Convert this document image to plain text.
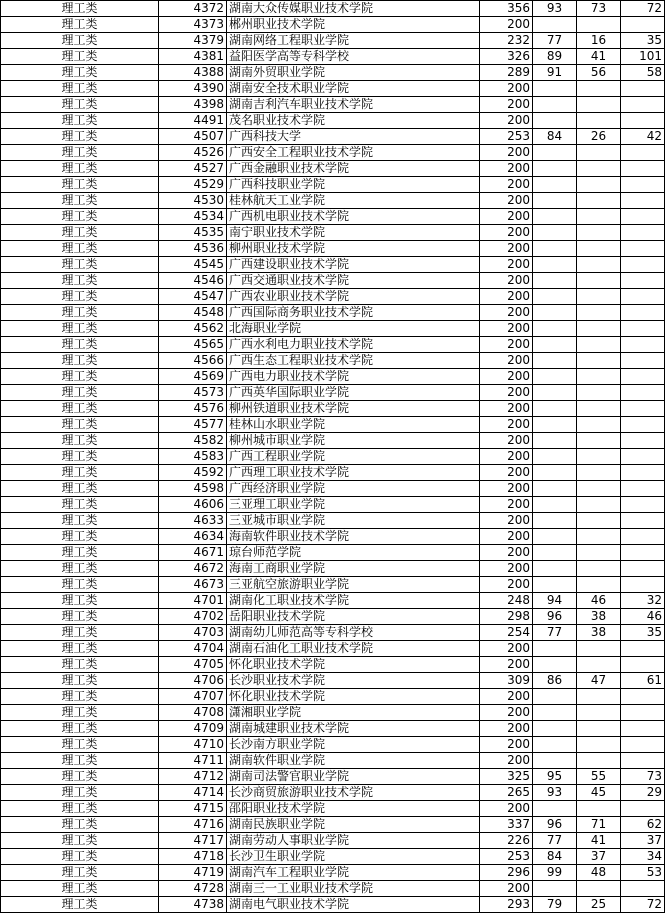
理工类	4372	湖南大众传媒职业技术学院	356	93	73	72
理工类	4373	郴州职业技术学院	200			
理工类	4379	湖南网络工程职业学院	232	77	16	35
理工类	4381	益阳医学高等专科学校	326	89	41	101
理工类	4388	湖南外贸职业学院	289	91	56	58
理工类	4390	湖南安全技术职业学院	200			
理工类	4398	湖南吉利汽车职业技术学院	200			
理工类	4491	茂名职业技术学院	200			
理工类	4507	广西科技大学	253	84	26	42
理工类	4526	广西安全工程职业技术学院	200			
理工类	4527	广西金融职业技术学院	200			
理工类	4529	广西科技职业学院	200			
理工类	4530	桂林航天工业学院	200			
理工类	4534	广西机电职业技术学院	200			
理工类	4535	南宁职业技术学院	200			
理工类	4536	柳州职业技术学院	200			
理工类	4545	广西建设职业技术学院	200			
理工类	4546	广西交通职业技术学院	200			
理工类	4547	广西农业职业技术学院	200			
理工类	4548	广西国际商务职业技术学院	200			
理工类	4562	北海职业学院	200			
理工类	4565	广西水利电力职业技术学院	200			
理工类	4566	广西生态工程职业技术学院	200			
理工类	4569	广西电力职业技术学院	200			
理工类	4573	广西英华国际职业学院	200			
理工类	4576	柳州铁道职业技术学院	200			
理工类	4577	桂林山水职业学院	200			
理工类	4582	柳州城市职业学院	200			
理工类	4583	广西工程职业学院	200			
理工类	4592	广西理工职业技术学院	200			
理工类	4598	广西经济职业学院	200			
理工类	4606	三亚理工职业学院	200			
理工类	4633	三亚城市职业学院	200			
理工类	4634	海南软件职业技术学院	200			
理工类	4671	琼台师范学院	200			
理工类	4672	海南工商职业学院	200			
理工类	4673	三亚航空旅游职业学院	200			
理工类	4701	湖南化工职业技术学院	248	94	46	32
理工类	4702	岳阳职业技术学院	298	96	38	46
理工类	4703	湖南幼儿师范高等专科学校	254	77	38	35
理工类	4704	湖南石油化工职业技术学院	200			
理工类	4705	怀化职业技术学院	200			
理工类	4706	长沙职业技术学院	309	86	47	61
理工类	4707	怀化职业技术学院	200			
理工类	4708	潇湘职业学院	200			
理工类	4709	湖南城建职业技术学院	200			
理工类	4710	长沙南方职业学院	200			
理工类	4711	湖南软件职业学院	200			
理工类	4712	湖南司法警官职业学院	325	95	55	73
理工类	4714	长沙商贸旅游职业技术学院	265	93	45	29
理工类	4715	邵阳职业技术学院	200			
理工类	4716	湖南民族职业学院	337	96	71	62
理工类	4717	湖南劳动人事职业学院	226	77	41	37
理工类	4718	长沙卫生职业学院	253	84	37	34
理工类	4719	湖南汽车工程职业学院	296	99	48	53
理工类	4728	湖南三一工业职业技术学院	200			
理工类	4738	湖南电气职业技术学院	293	79	25	72
